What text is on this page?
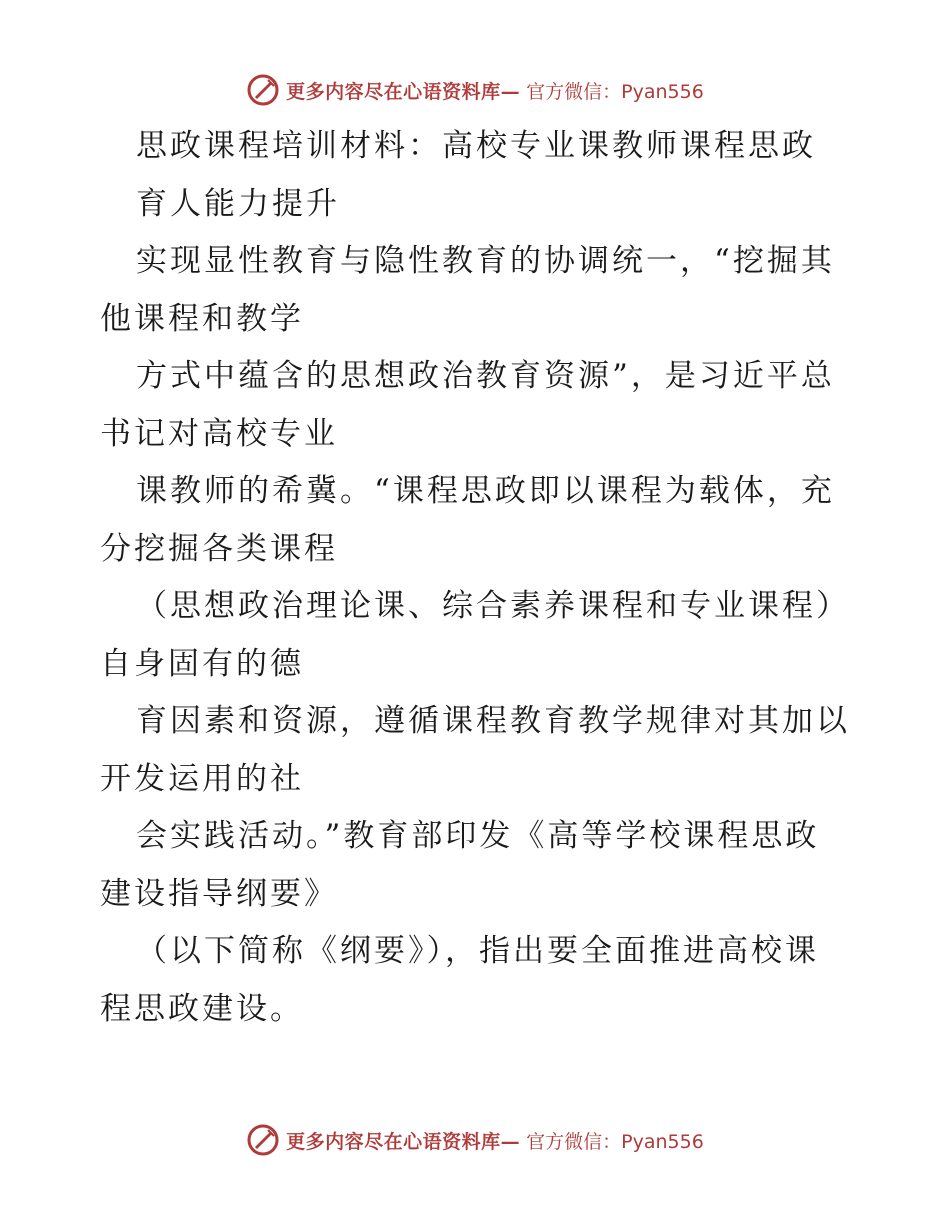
更多内容尽在心语资料库— 官方微信：Pyan556
思政课程培训材料：高校专业课教师课程思政
育人能力提升
实现显性教育与隐性教育的协调统一，“挖掘其
他课程和教学
方式中蕴含的思想政治教育资源”，是习近平总
书记对高校专业
课教师的希冀。“课程思政即以课程为载体，充
分挖掘各类课程
（思想政治理论课、综合素养课程和专业课程）
自身固有的德
育因素和资源，遵循课程教育教学规律对其加以
开发运用的社
会实践活动。”教育部印发《高等学校课程思政
建设指导纲要》
（以下简称《纲要》），指出要全面推进高校课
程思政建设。
更多内容尽在心语资料库— 官方微信：Pyan556
